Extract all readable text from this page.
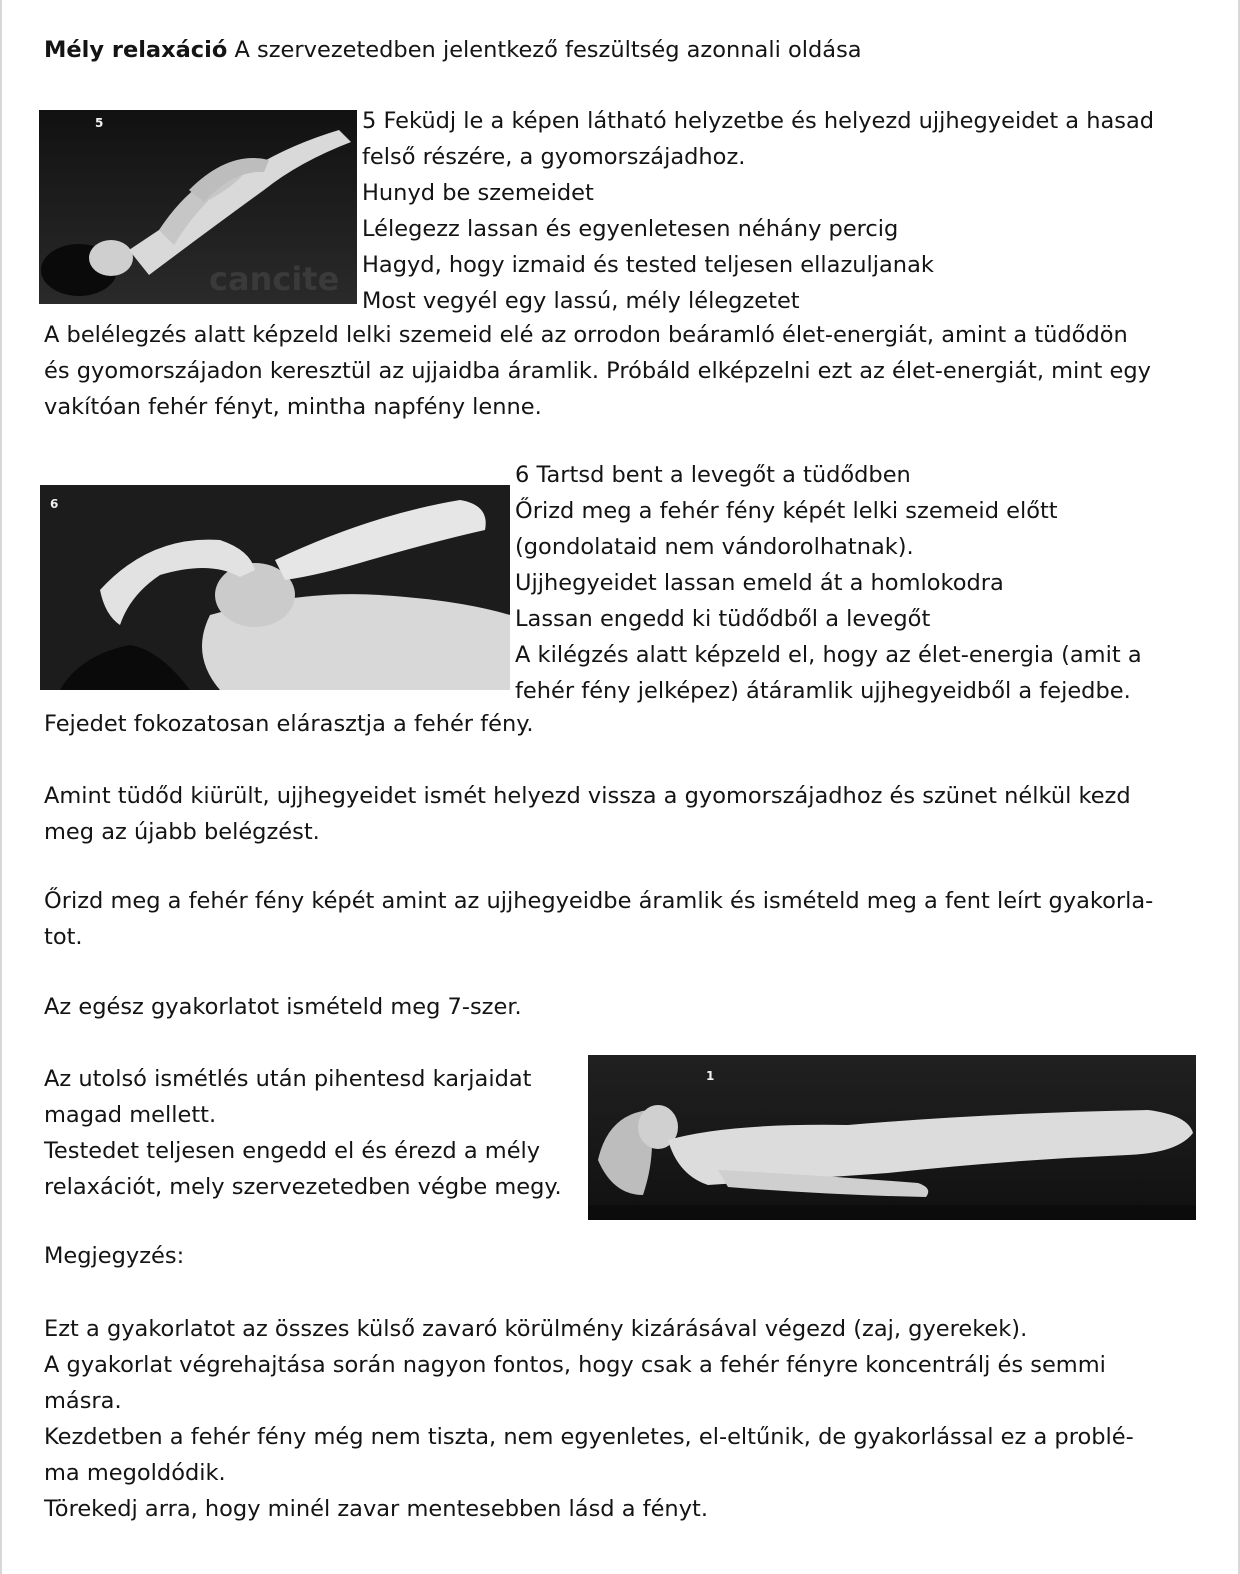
Mély relaxáció A szervezetedben jelentkező feszültség azonnali oldása
5
cancite

5 Feküdj le a képen látható helyzetbe és helyezd ujjhegyeidet a hasad

felső részére, a gyomorszájadhoz.

Hunyd be szemeidet

Lélegezz lassan és egyenletesen néhány percig

Hagyd, hogy izmaid és tested teljesen ellazuljanak

Most vegyél egy lassú, mély lélegzetet

A belélegzés alatt képzeld lelki szemeid elé az orrodon beáramló élet-energiát, amint a tüdődön

és gyomorszájadon keresztül az ujjaidba áramlik. Próbáld elképzelni ezt az élet-energiát, mint egy

vakítóan fehér fényt, mintha napfény lenne.

6

6 Tartsd bent a levegőt a tüdődben

Őrizd meg a fehér fény képét lelki szemeid előtt

(gondolataid nem vándorolhatnak).

Ujjhegyeidet lassan emeld át a homlokodra

Lassan engedd ki tüdődből a levegőt

A kilégzés alatt képzeld el, hogy az élet-energia (amit a

fehér fény jelképez) átáramlik ujjhegyeidből a fejedbe.

Fejedet fokozatosan elárasztja a fehér fény.

Amint tüdőd kiürült, ujjhegyeidet ismét helyezd vissza a gyomorszájadhoz és szünet nélkül kezd

meg az újabb belégzést.

Őrizd meg a fehér fény képét amint az ujjhegyeidbe áramlik és ismételd meg a fent leírt gyakorla-

tot.

Az egész gyakorlatot ismételd meg 7-szer.

Az utolsó ismétlés után pihentesd karjaidat

magad mellett.

Testedet teljesen engedd el és érezd a mély

relaxációt, mely szervezetedben végbe megy.

1
Megjegyzés:

Ezt a gyakorlatot az összes külső zavaró körülmény kizárásával végezd (zaj, gyerekek).

A gyakorlat végrehajtása során nagyon fontos, hogy csak a fehér fényre koncentrálj és semmi

másra.

Kezdetben a fehér fény még nem tiszta, nem egyenletes, el-eltűnik, de gyakorlással ez a problé-

ma megoldódik.

Törekedj arra, hogy minél zavar mentesebben lásd a fényt.
